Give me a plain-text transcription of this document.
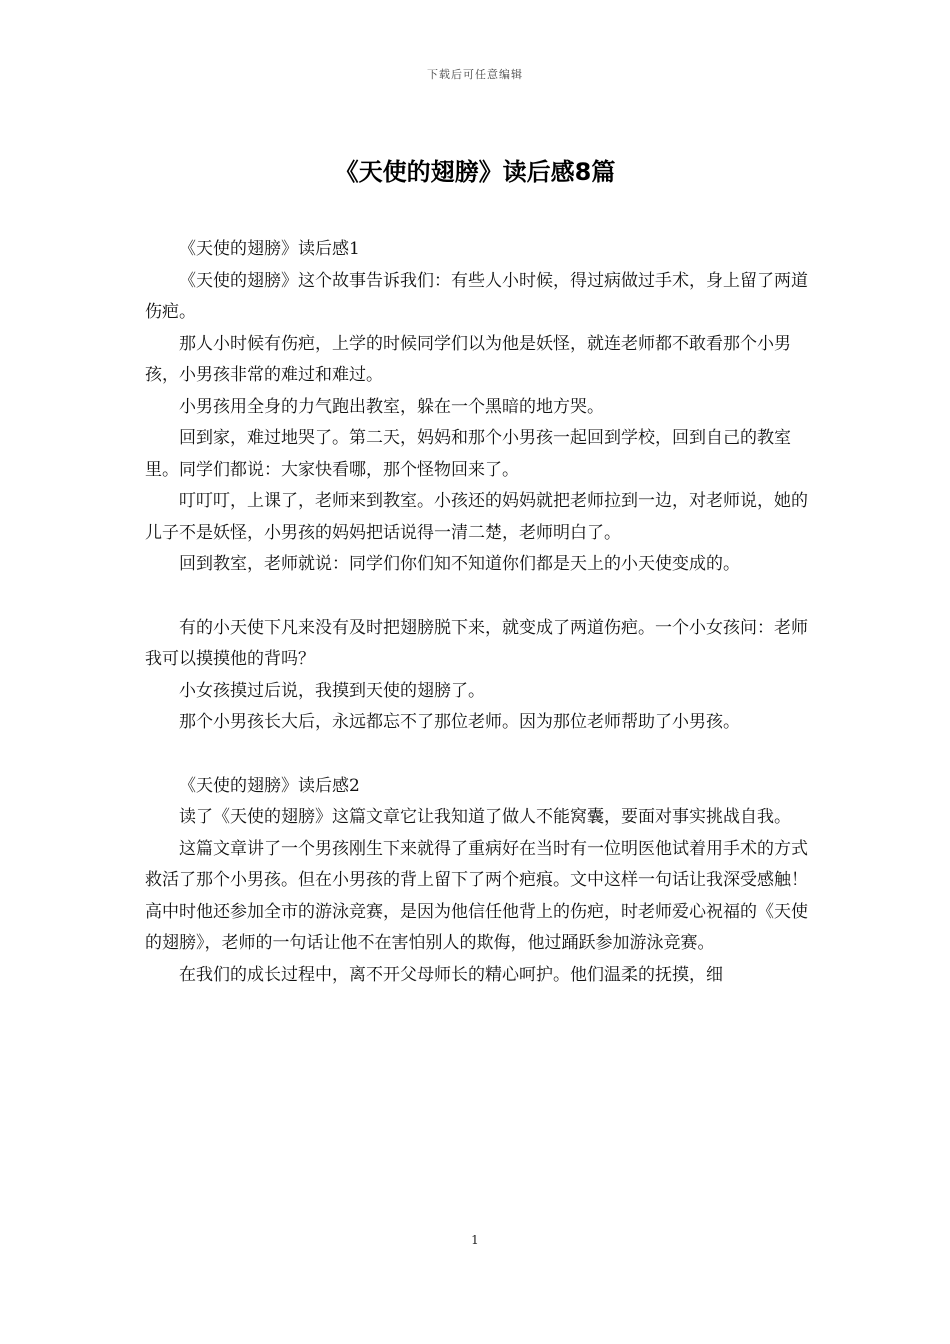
下载后可任意编辑
《天使的翅膀》读后感8篇

《天使的翅膀》读后感1

《天使的翅膀》这个故事告诉我们：有些人小时候，得过病做过手术，身上留了两道伤疤。

那人小时候有伤疤，上学的时候同学们以为他是妖怪，就连老师都不敢看那个小男孩，小男孩非常的难过和难过。

小男孩用全身的力气跑出教室，躲在一个黑暗的地方哭。

回到家，难过地哭了。第二天，妈妈和那个小男孩一起回到学校，回到自己的教室里。同学们都说：大家快看哪，那个怪物回来了。

叮叮叮，上课了，老师来到教室。小孩还的妈妈就把老师拉到一边，对老师说，她的儿子不是妖怪，小男孩的妈妈把话说得一清二楚，老师明白了。

回到教室，老师就说：同学们你们知不知道你们都是天上的小天使变成的。

有的小天使下凡来没有及时把翅膀脱下来，就变成了两道伤疤。一个小女孩问：老师我可以摸摸他的背吗？

小女孩摸过后说，我摸到天使的翅膀了。

那个小男孩长大后，永远都忘不了那位老师。因为那位老师帮助了小男孩。

《天使的翅膀》读后感2

读了《天使的翅膀》这篇文章它让我知道了做人不能窝囊，要面对事实挑战自我。

这篇文章讲了一个男孩刚生下来就得了重病好在当时有一位明医他试着用手术的方式救活了那个小男孩。但在小男孩的背上留下了两个疤痕。文中这样一句话让我深受感触！高中时他还参加全市的游泳竞赛，是因为他信任他背上的伤疤，时老师爱心祝福的《天使的翅膀》，老师的一句话让他不在害怕别人的欺侮，他过踊跃参加游泳竞赛。

在我们的成长过程中，离不开父母师长的精心呵护。他们温柔的抚摸，细

1
